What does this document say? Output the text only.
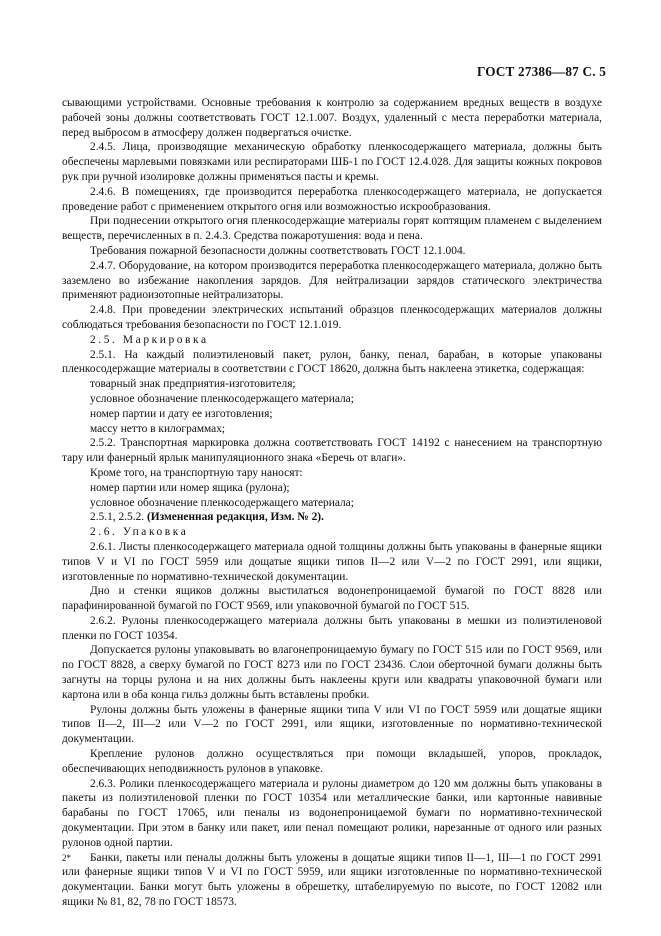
ГОСТ 27386—87 С. 5

сывающими устройствами. Основные требования к контролю за содержанием вредных веществ в воздухе рабочей зоны должны соответствовать ГОСТ 12.1.007. Воздух, удаленный с места переработки материала, перед выбросом в атмосферу должен подвергаться очистке.

2.4.5. Лица, производящие механическую обработку пленкосодержащего материала, должны быть обеспечены марлевыми повязками или респираторами ШБ-1 по ГОСТ 12.4.028. Для защиты кожных покровов рук при ручной изолировке должны применяться пасты и кремы.

2.4.6. В помещениях, где производится переработка пленкосодержащего материала, не допускается проведение работ с применением открытого огня или возможностью искрообразования.

При поднесении открытого огня пленкосодержащие материалы горят коптящим пламенем с выделением веществ, перечисленных в п. 2.4.3. Средства пожаротушения: вода и пена.

Требования пожарной безопасности должны соответствовать ГОСТ 12.1.004.

2.4.7. Оборудование, на котором производится переработка пленкосодержащего материала, должно быть заземлено во избежание накопления зарядов. Для нейтрализации зарядов статического электричества применяют радиоизотопные нейтрализаторы.

2.4.8. При проведении электрических испытаний образцов пленкосодержащих материалов должны соблюдаться требования безопасности по ГОСТ 12.1.019.

2.5. Маркировка

2.5.1. На каждый полиэтиленовый пакет, рулон, банку, пенал, барабан, в которые упакованы пленкосодержащие материалы в соответствии с ГОСТ 18620, должна быть наклеена этикетка, содержащая:

товарный знак предприятия-изготовителя;

условное обозначение пленкосодержащего материала;

номер партии и дату ее изготовления;

массу нетто в килограммах;

2.5.2. Транспортная маркировка должна соответствовать ГОСТ 14192 с нанесением на транспортную тару или фанерный ярлык манипуляционного знака «Беречь от влаги».

Кроме того, на транспортную тару наносят:

номер партии или номер ящика (рулона);

условное обозначение пленкосодержащего материала;

2.5.1, 2.5.2. (Измененная редакция, Изм. № 2).

2.6. Упаковка

2.6.1. Листы пленкосодержащего материала одной толщины должны быть упакованы в фанерные ящики типов V и VI по ГОСТ 5959 или дощатые ящики типов II—2 или V—2 по ГОСТ 2991, или ящики, изготовленные по нормативно-технической документации.

Дно и стенки ящиков должны выстилаться водонепроницаемой бумагой по ГОСТ 8828 или парафинированной бумагой по ГОСТ 9569, или упаковочной бумагой по ГОСТ 515.

2.6.2. Рулоны пленкосодержащего материала должны быть упакованы в мешки из полиэтиленовой пленки по ГОСТ 10354.

Допускается рулоны упаковывать во влагонепроницаемую бумагу по ГОСТ 515 или по ГОСТ 9569, или по ГОСТ 8828, а сверху бумагой по ГОСТ 8273 или по ГОСТ 23436. Слои оберточной бумаги должны быть загнуты на торцы рулона и на них должны быть наклеены круги или квадраты упаковочной бумаги или картона или в оба конца гильз должны быть вставлены пробки.

Рулоны должны быть уложены в фанерные ящики типа V или VI по ГОСТ 5959 или дощатые ящики типов II—2, III—2 или V—2 по ГОСТ 2991, или ящики, изготовленные по нормативно-технической документации.

Крепление рулонов должно осуществляться при помощи вкладышей, упоров, прокладок, обеспечивающих неподвижность рулонов в упаковке.

2.6.3. Ролики пленкосодержащего материала и рулоны диаметром до 120 мм должны быть упакованы в пакеты из полиэтиленовой пленки по ГОСТ 10354 или металлические банки, или картонные навивные барабаны по ГОСТ 17065, или пеналы из водонепроницаемой бумаги по нормативно-технической документации. При этом в банку или пакет, или пенал помещают ролики, нарезанные от одного или разных рулонов одной партии.

Банки, пакеты или пеналы должны быть уложены в дощатые ящики типов II—1, III—1 по ГОСТ 2991 или фанерные ящики типов V и VI по ГОСТ 5959, или ящики изготовленные по нормативно-технической документации. Банки могут быть уложены в обрешетку, штабелируемую по высоте, по ГОСТ 12082 или ящики № 81, 82, 78 по ГОСТ 18573.

2*
